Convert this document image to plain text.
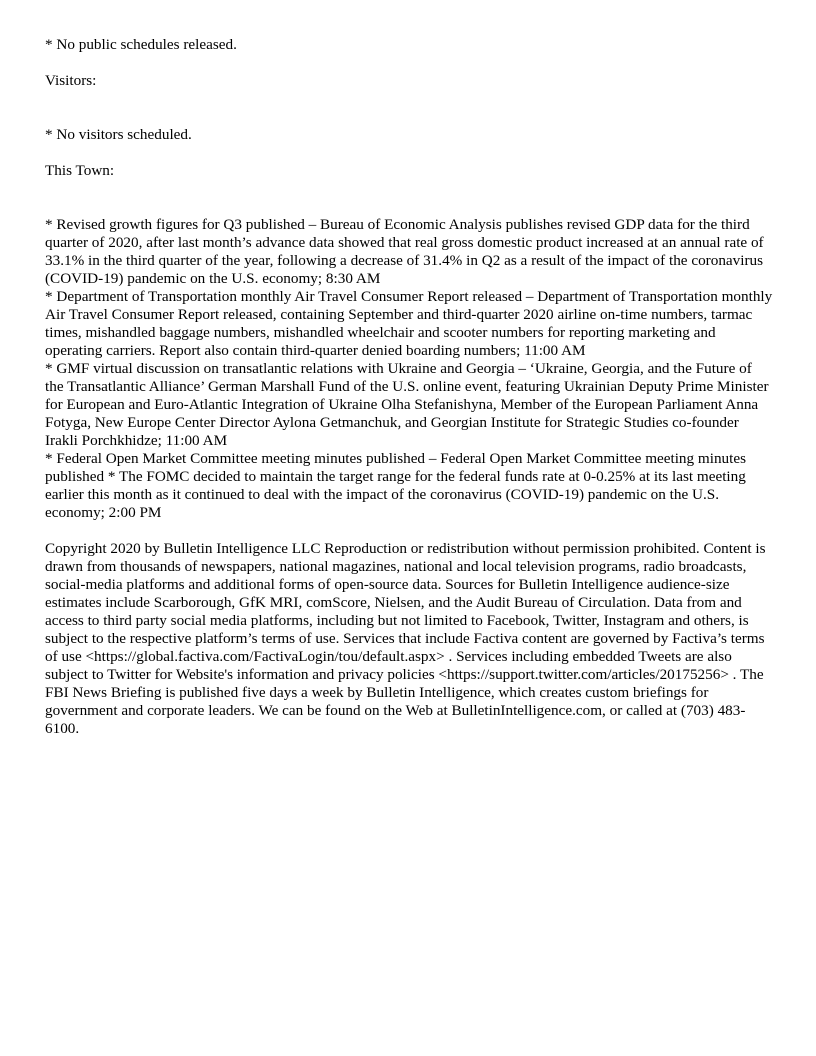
* No public schedules released.

Visitors:

* No visitors scheduled.

This Town:

* Revised growth figures for Q3 published – Bureau of Economic Analysis publishes revised GDP data for the third quarter of 2020, after last month’s advance data showed that real gross domestic product increased at an annual rate of 33.1% in the third quarter of the year, following a decrease of 31.4% in Q2 as a result of the impact of the coronavirus (COVID-19) pandemic on the U.S. economy; 8:30 AM

* Department of Transportation monthly Air Travel Consumer Report released – Department of Transportation monthly Air Travel Consumer Report released, containing September and third-quarter 2020 airline on-time numbers, tarmac times, mishandled baggage numbers, mishandled wheelchair and scooter numbers for reporting marketing and operating carriers. Report also contain third-quarter denied boarding numbers; 11:00 AM

* GMF virtual discussion on transatlantic relations with Ukraine and Georgia – ‘Ukraine, Georgia, and the Future of the Transatlantic Alliance’ German Marshall Fund of the U.S. online event, featuring Ukrainian Deputy Prime Minister for European and Euro-Atlantic Integration of Ukraine Olha Stefanishyna, Member of the European Parliament Anna Fotyga, New Europe Center Director Aylona Getmanchuk, and Georgian Institute for Strategic Studies co-founder Irakli Porchkhidze; 11:00 AM

* Federal Open Market Committee meeting minutes published – Federal Open Market Committee meeting minutes published * The FOMC decided to maintain the target range for the federal funds rate at 0-0.25% at its last meeting earlier this month as it continued to deal with the impact of the coronavirus (COVID-19) pandemic on the U.S. economy; 2:00 PM

Copyright 2020 by Bulletin Intelligence LLC Reproduction or redistribution without permission prohibited. Content is drawn from thousands of newspapers, national magazines, national and local television programs, radio broadcasts, social-media platforms and additional forms of open-source data. Sources for Bulletin Intelligence audience-size estimates include Scarborough, GfK MRI, comScore, Nielsen, and the Audit Bureau of Circulation. Data from and access to third party social media platforms, including but not limited to Facebook, Twitter, Instagram and others, is subject to the respective platform’s terms of use. Services that include Factiva content are governed by Factiva’s terms of use <https://global.factiva.com/FactivaLogin/tou/default.aspx> . Services including embedded Tweets are also subject to Twitter for Website's information and privacy policies <https://support.twitter.com/articles/20175256> . The FBI News Briefing is published five days a week by Bulletin Intelligence, which creates custom briefings for government and corporate leaders. We can be found on the Web at BulletinIntelligence.com, or called at (703) 483-6100.
